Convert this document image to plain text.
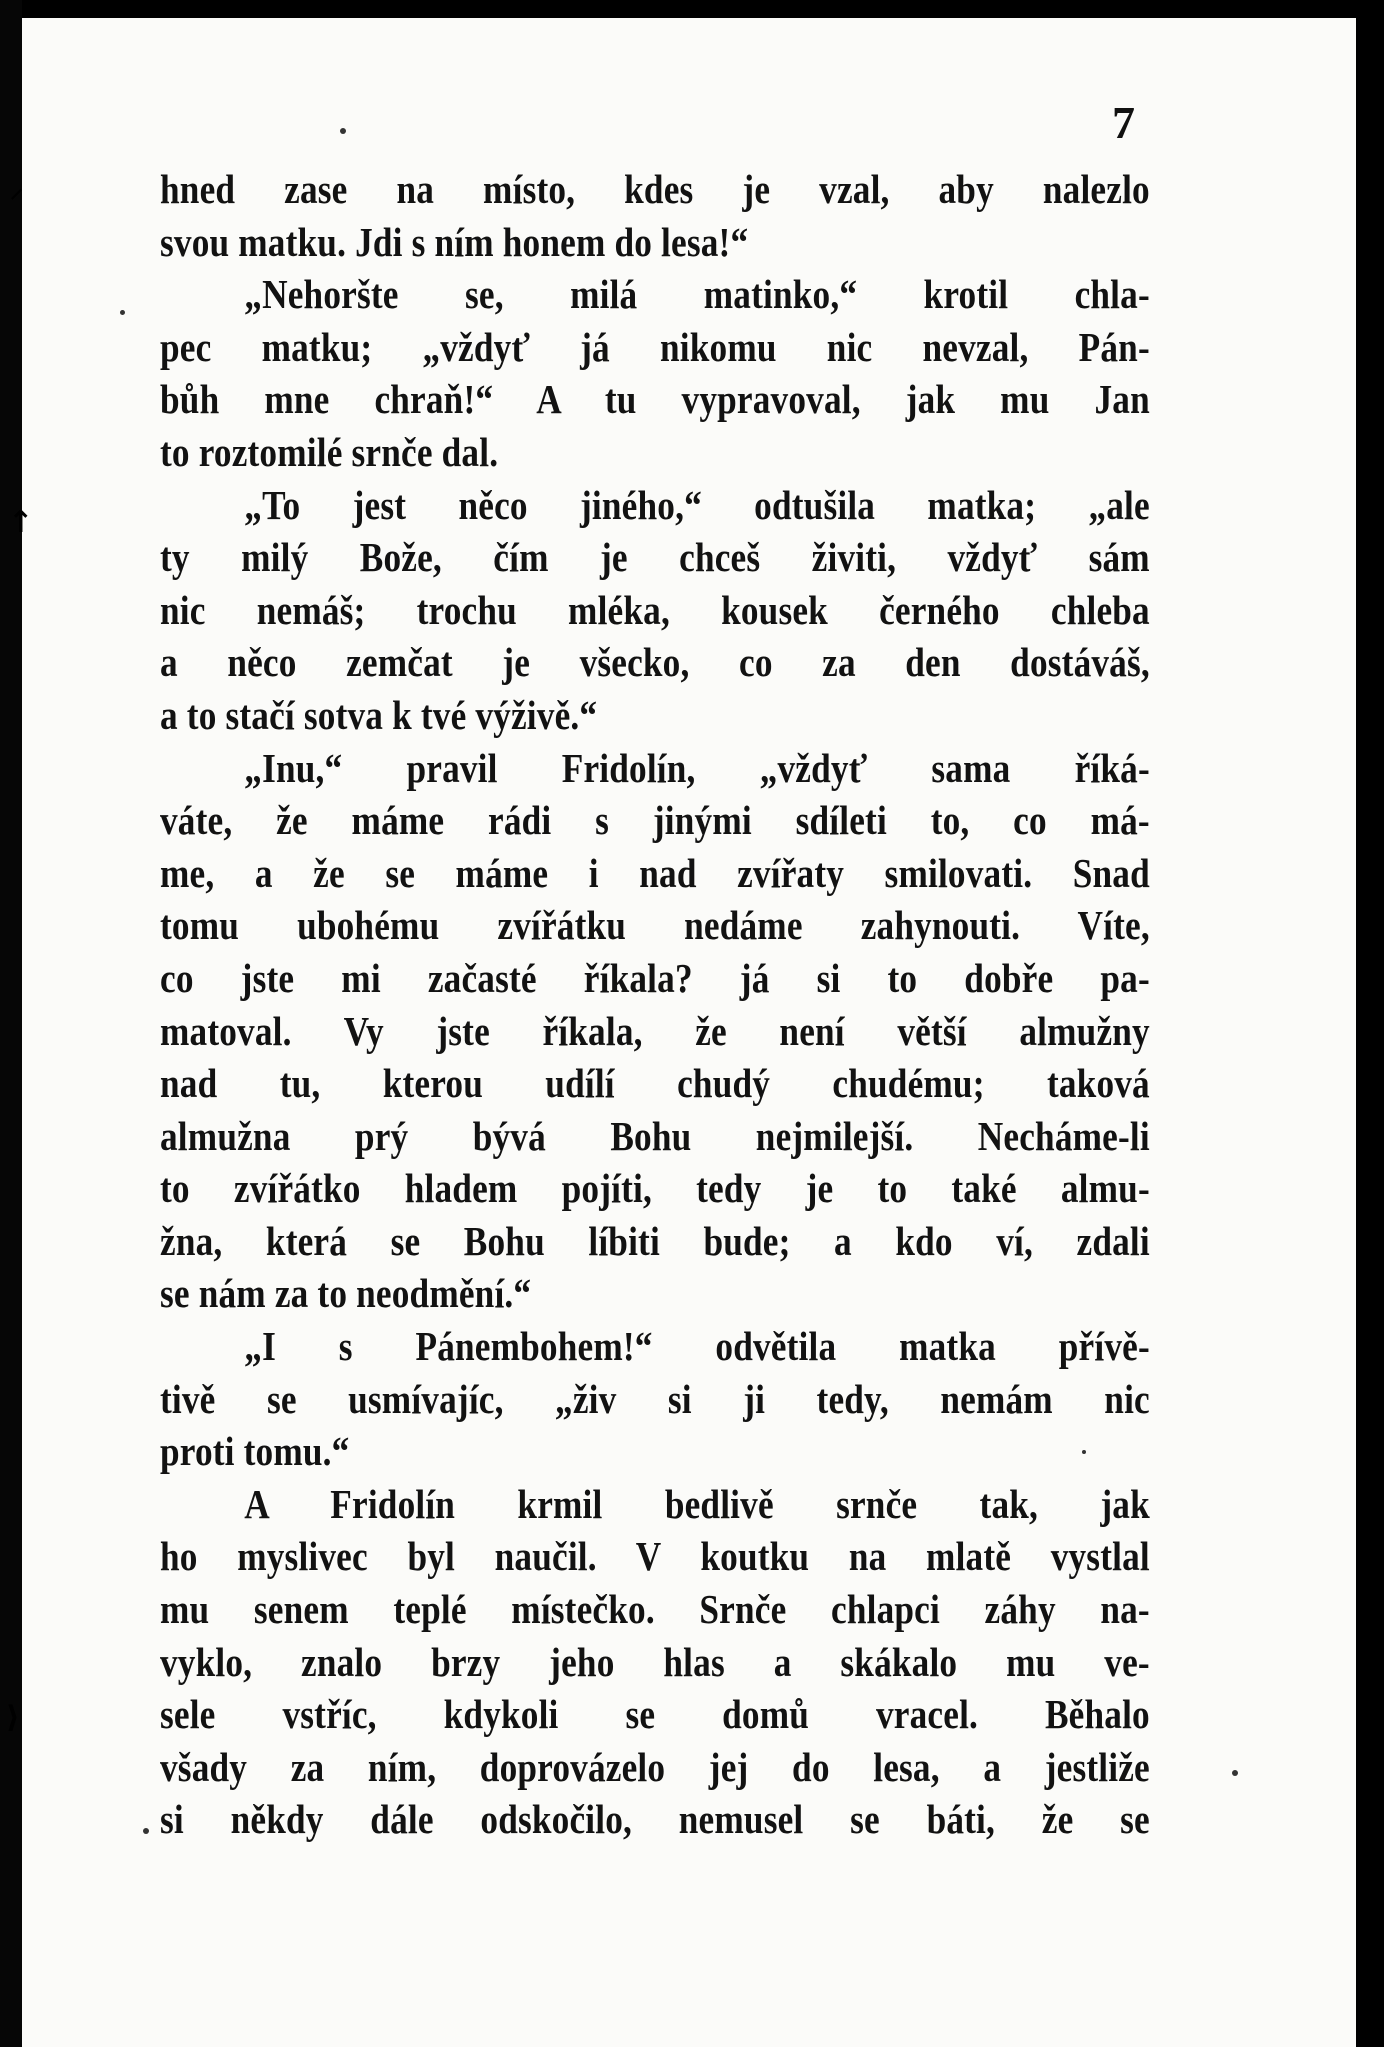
⸍
↑
⟩
7
hned zase na místo, kdes je vzal, aby nalezlo
svou matku. Jdi s ním honem do lesa!“
„Nehoršte se, milá matinko,“ krotil chla-
pec matku; „vždyť já nikomu nic nevzal, Pán-
bůh mne chraň!“ A tu vypravoval, jak mu Jan
to roztomilé srnče dal.
„To jest něco jiného,“ odtušila matka; „ale
ty milý Bože, čím je chceš živiti, vždyť sám
nic nemáš; trochu mléka, kousek černého chleba
a něco zemčat je všecko, co za den dostáváš,
a to stačí sotva k tvé výživě.“
„Inu,“ pravil Fridolín, „vždyť sama říká-
váte, že máme rádi s jinými sdíleti to, co má-
me, a že se máme i nad zvířaty smilovati. Snad
tomu ubohému zvířátku nedáme zahynouti. Víte,
co jste mi začasté říkala? já si to dobře pa-
matoval. Vy jste říkala, že není větší almužny
nad tu, kterou udílí chudý chudému; taková
almužna prý bývá Bohu nejmilejší. Necháme-li
to zvířátko hladem pojíti, tedy je to také almu-
žna, která se Bohu líbiti bude; a kdo ví, zdali
se nám za to neodmění.“
„I s Pánembohem!“ odvětila matka přívě-
tivě se usmívajíc, „živ si ji tedy, nemám nic
proti tomu.“
A Fridolín krmil bedlivě srnče tak, jak
ho myslivec byl naučil. V koutku na mlatě vystlal
mu senem teplé místečko. Srnče chlapci záhy na-
vyklo, znalo brzy jeho hlas a skákalo mu ve-
sele vstříc, kdykoli se domů vracel. Běhalo
všady za ním, doprovázelo jej do lesa, a jestliže
si někdy dále odskočilo, nemusel se báti, že se
